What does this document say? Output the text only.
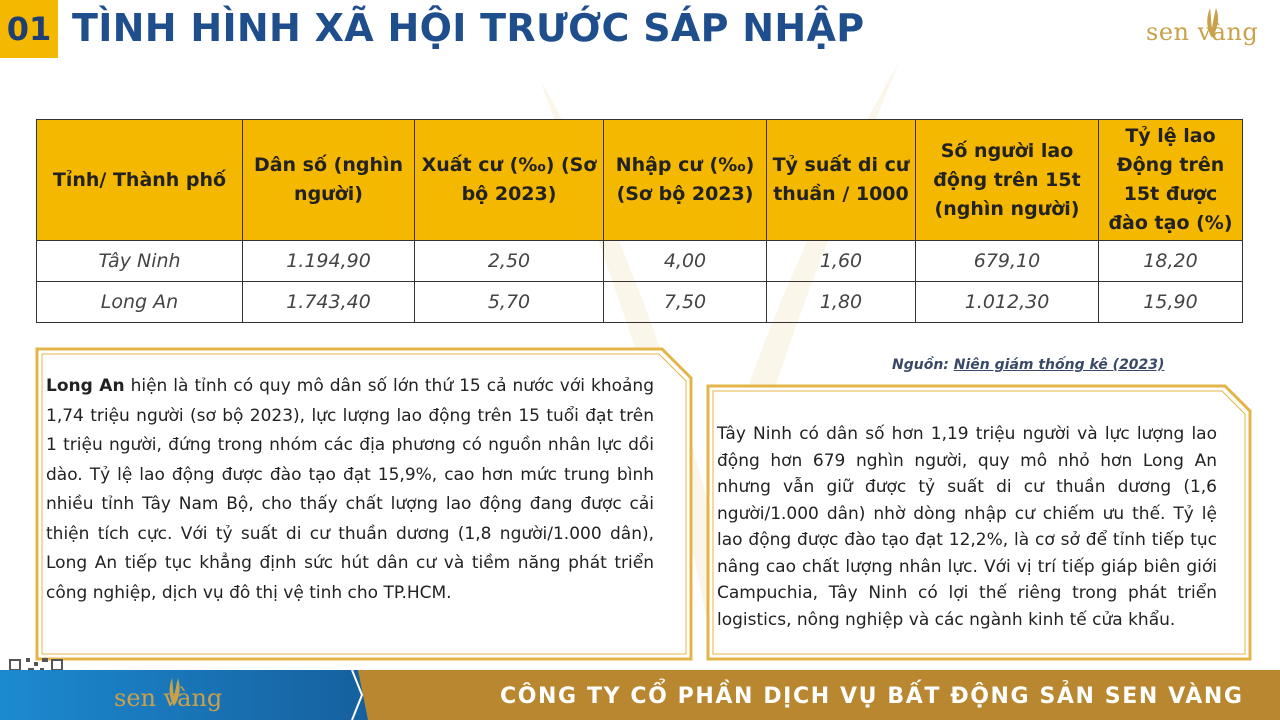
01 TÌNH HÌNH XÃ HỘI TRƯỚC SÁP NHẬP	sen vàng
Tỉnh/ Thành phố	Dân số (nghìn người)	Xuất cư (‰) (Sơ bộ 2023)	Nhập cư (‰) (Sơ bộ 2023)	Tỷ suất di cư thuần / 1000	Số người lao động trên 15t (nghìn người)	Tỷ lệ lao Động trên 15t được đào tạo (%)
Tây Ninh	1.194,90	2,50	4,00	1,60	679,10	18,20
Long An	1.743,40	5,70	7,50	1,80	1.012,30	15,90
Nguồn: Niên giám thống kê (2023)

Long An hiện là tỉnh có quy mô dân số lớn thứ 15 cả nước với khoảng 1,74 triệu người (sơ bộ 2023), lực lượng lao động trên 15 tuổi đạt trên 1 triệu người, đứng trong nhóm các địa phương có nguồn nhân lực dồi dào. Tỷ lệ lao động được đào tạo đạt 15,9%, cao hơn mức trung bình nhiều tỉnh Tây Nam Bộ, cho thấy chất lượng lao động đang được cải thiện tích cực. Với tỷ suất di cư thuần dương (1,8 người/1.000 dân), Long An tiếp tục khẳng định sức hút dân cư và tiềm năng phát triển công nghiệp, dịch vụ đô thị vệ tinh cho TP.HCM.

Tây Ninh có dân số hơn 1,19 triệu người và lực lượng lao động hơn 679 nghìn người, quy mô nhỏ hơn Long An nhưng vẫn giữ được tỷ suất di cư thuần dương (1,6 người/1.000 dân) nhờ dòng nhập cư chiếm ưu thế. Tỷ lệ lao động được đào tạo đạt 12,2%, là cơ sở để tỉnh tiếp tục nâng cao chất lượng nhân lực. Với vị trí tiếp giáp biên giới Campuchia, Tây Ninh có lợi thế riêng trong phát triển logistics, nông nghiệp và các ngành kinh tế cửa khẩu.

sen vàng	CÔNG TY CỔ PHẦN DỊCH VỤ BẤT ĐỘNG SẢN SEN VÀNG
